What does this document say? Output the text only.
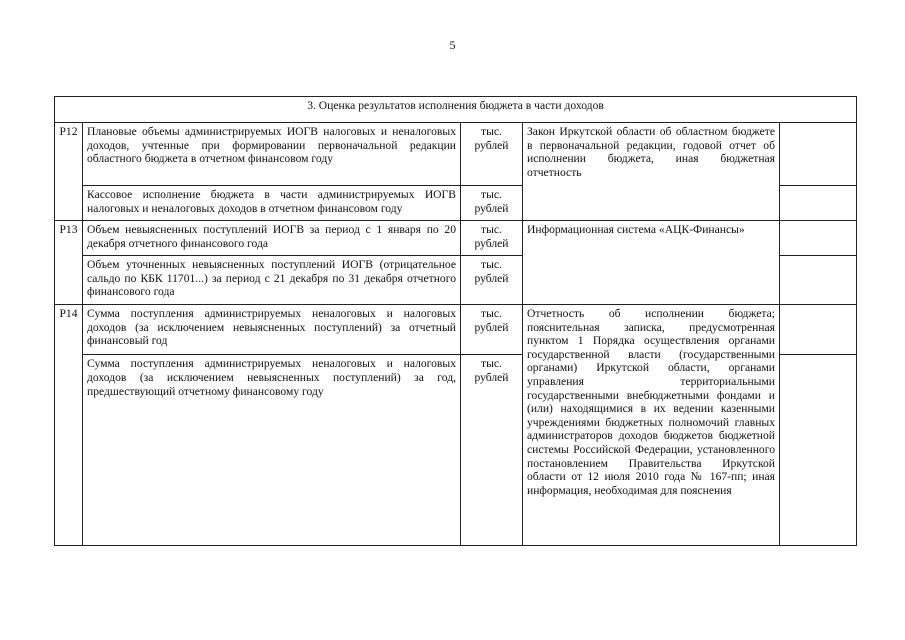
5
3. Оценка результатов исполнения бюджета в части доходов				
Р12	Плановые объемы администрируемых ИОГВ налоговых и неналоговых доходов, учтенные при формировании первоначальной редакции областного бюджета в отчетном финансовом году	тыс. рублей	Закон Иркутской области об областном бюджете в первоначальной редакции, годовой отчет об исполнении бюджета, иная бюджетная отчетность	
	Кассовое исполнение бюджета в части администрируемых ИОГВ налоговых и неналоговых доходов в отчетном финансовом году	тыс. рублей		
Р13	Объем невыясненных поступлений ИОГВ за период с 1 января по 20 декабря отчетного финансового года	тыс. рублей	Информационная система «АЦК-Финансы»	
	Объем уточненных невыясненных поступлений ИОГВ (отрицательное сальдо по КБК 11701...) за период с 21 декабря по 31 декабря отчетного финансового года	тыс. рублей		
Р14	Сумма поступления администрируемых неналоговых и налоговых доходов (за исключением невыясненных поступлений) за отчетный финансовый год	тыс. рублей	Отчетность об исполнении бюджета; пояснительная записка, предусмотренная пунктом 1 Порядка осуществления органами государственной власти (государственными органами) Иркутской области, органами управления территориальными государственными внебюджетными фондами и (или) находящимися в их ведении казенными учреждениями бюджетных полномочий главных администраторов доходов бюджетов бюджетной системы Российской Федерации, установленного постановлением Правительства Иркутской области от 12 июля 2010 года № 167-пп; иная информация, необходимая для пояснения	

	Сумма поступления администрируемых неналоговых и налоговых доходов (за исключением невыясненных поступлений) за год, предшествующий отчетному финансовому году	тыс. рублей		
